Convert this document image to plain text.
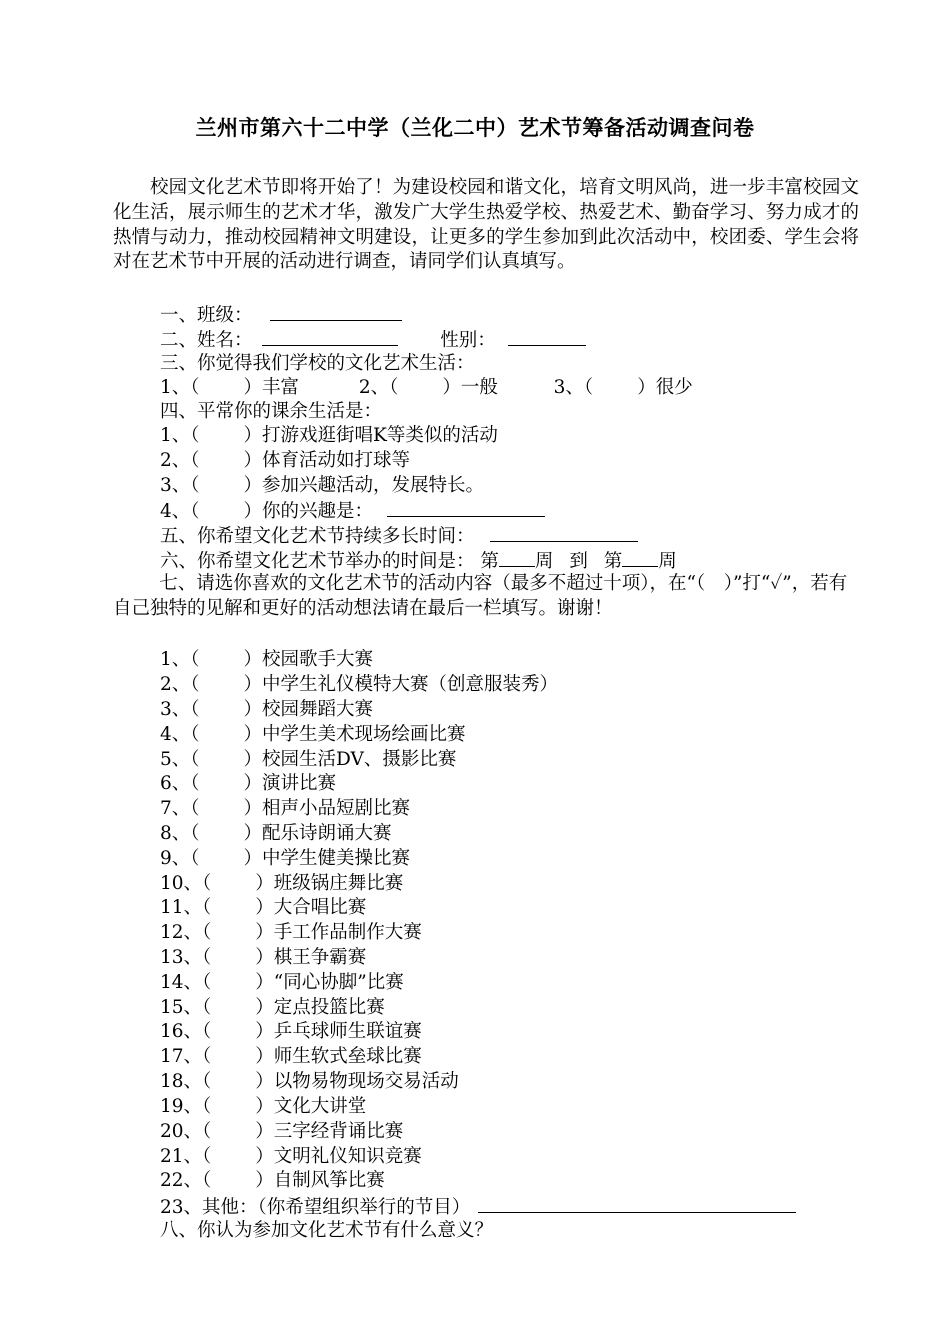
兰州市第六十二中学（兰化二中）艺术节筹备活动调查问卷

校园文化艺术节即将开始了！为建设校园和谐文化，培育文明风尚，进一步丰富校园文化生活，展示师生的艺术才华，激发广大学生热爱学校、热爱艺术、勤奋学习、努力成才的热情与动力，推动校园精神文明建设，让更多的学生参加到此次活动中，校团委、学生会将对在艺术节中开展的活动进行调查，请同学们认真填写。

一、班级：
二、姓名：	性别：
三、你觉得我们学校的文化艺术生活：
1、（ ）丰富	2、（ ）一般	3、（ ）很少
四、平常你的课余生活是：
1、（ ）打游戏逛街唱K等类似的活动
2、（ ）体育活动如打球等
3、（ ）参加兴趣活动，发展特长。
4、（ ）你的兴趣是：
五、你希望文化艺术节持续多长时间：
六、你希望文化艺术节举办的时间是： 第 周 到 第 周

七、请选你喜欢的文化艺术节的活动内容（最多不超过十项），在“（　）”打“✓”，若有自己独特的见解和更好的活动想法请在最后一栏填写。谢谢！

1、（ ）校园歌手大赛
2、（ ）中学生礼仪模特大赛（创意服装秀）
3、（ ）校园舞蹈大赛
4、（ ）中学生美术现场绘画比赛
5、（ ）校园生活DV、摄影比赛
6、（ ）演讲比赛
7、（ ）相声小品短剧比赛
8、（ ）配乐诗朗诵大赛
9、（ ）中学生健美操比赛
10、（ ）班级锅庄舞比赛
11、（ ）大合唱比赛
12、（ ）手工作品制作大赛
13、（ ）棋王争霸赛
14、（ ）“同心协脚”比赛
15、（ ）定点投篮比赛
16、（ ）乒乓球师生联谊赛
17、（ ）师生软式垒球比赛
18、（ ）以物易物现场交易活动
19、（ ）文化大讲堂
20、（ ）三字经背诵比赛
21、（ ）文明礼仪知识竞赛
22、（ ）自制风筝比赛
23、其他：（你希望组织举行的节目）
八、你认为参加文化艺术节有什么意义？
